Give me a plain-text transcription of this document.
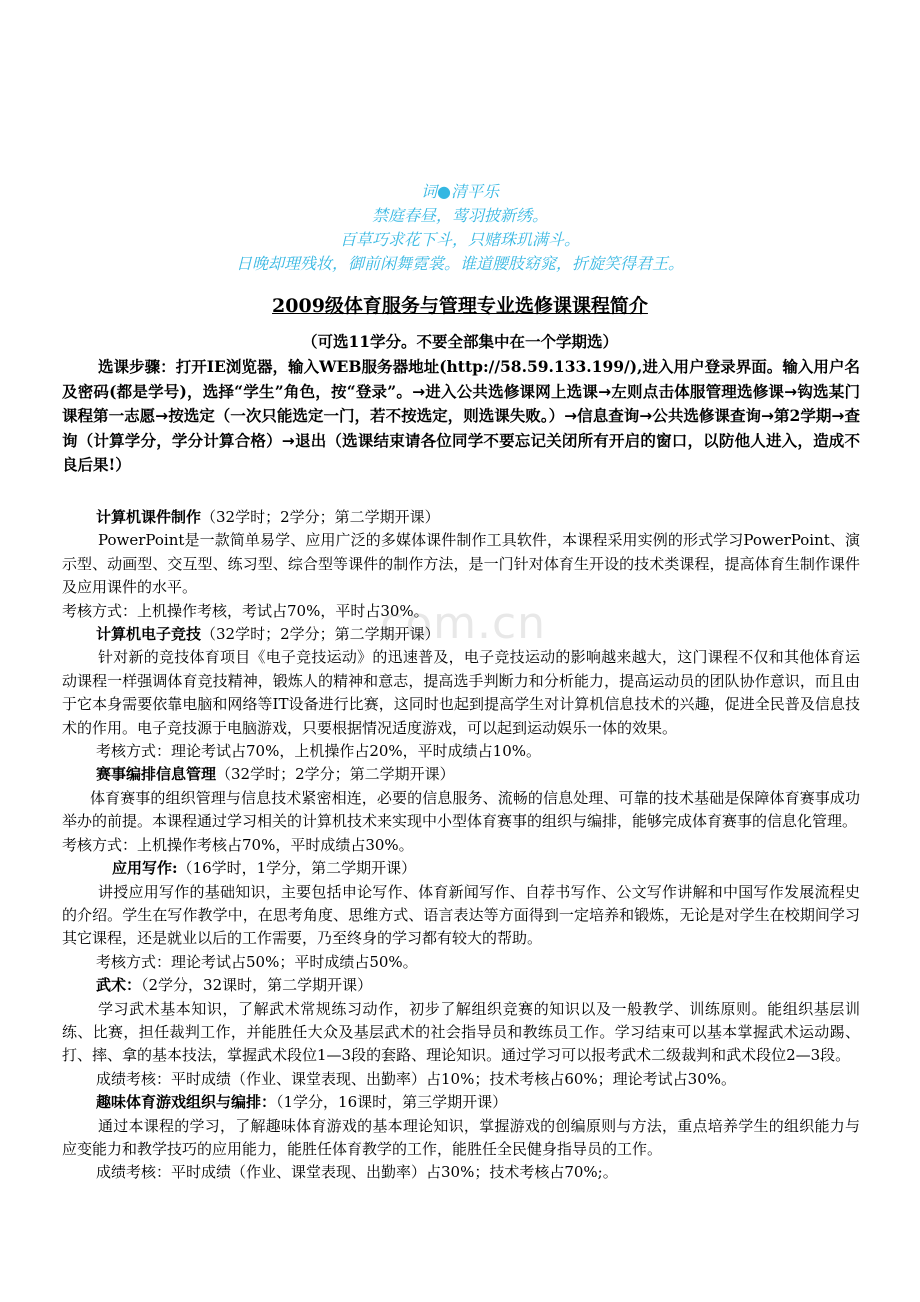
词●清平乐
禁庭春昼，莺羽披新绣。
百草巧求花下斗，只赌珠玑满斗。
日晚却理残妆，御前闲舞霓裳。谁道腰肢窈窕，折旋笑得君王。
2009级体育服务与管理专业选修课课程简介
（可选11学分。不要全部集中在一个学期选）
选课步骤：打开IE浏览器，输入WEB服务器地址(http://58.59.133.199/),进入用户登录界面。输入用户名及密码(都是学号)，选择“学生”角色，按“登录”。→进入公共选修课网上选课→左则点击体服管理选修课→钩选某门课程第一志愿→按选定（一次只能选定一门，若不按选定，则选课失败。）→信息查询→公共选修课查询→第2学期→查询（计算学分，学分计算合格）→退出（选课结束请各位同学不要忘记关闭所有开启的窗口，以防他人进入，造成不良后果!）
com.cn

计算机课件制作（32学时；2学分；第二学期开课）

PowerPoint是一款简单易学、应用广泛的多媒体课件制作工具软件，本课程采用实例的形式学习PowerPoint、演示型、动画型、交互型、练习型、综合型等课件的制作方法，是一门针对体育生开设的技术类课程，提高体育生制作课件及应用课件的水平。

考核方式：上机操作考核，考试占70%，平时占30%。

计算机电子竞技（32学时；2学分；第二学期开课）

针对新的竞技体育项目《电子竞技运动》的迅速普及，电子竞技运动的影响越来越大，这门课程不仅和其他体育运动课程一样强调体育竞技精神，锻炼人的精神和意志，提高选手判断力和分析能力，提高运动员的团队协作意识，而且由于它本身需要依靠电脑和网络等IT设备进行比赛，这同时也起到提高学生对计算机信息技术的兴趣，促进全民普及信息技术的作用。电子竞技源于电脑游戏，只要根据情况适度游戏，可以起到运动娱乐一体的效果。

考核方式：理论考试占70%，上机操作占20%，平时成绩占10%。

赛事编排信息管理（32学时；2学分；第二学期开课）

体育赛事的组织管理与信息技术紧密相连，必要的信息服务、流畅的信息处理、可靠的技术基础是保障体育赛事成功举办的前提。本课程通过学习相关的计算机技术来实现中小型体育赛事的组织与编排，能够完成体育赛事的信息化管理。

考核方式：上机操作考核占70%，平时成绩占30%。

应用写作:（16学时，1学分，第二学期开课）

讲授应用写作的基础知识，主要包括申论写作、体育新闻写作、自荐书写作、公文写作讲解和中国写作发展流程史的介绍。学生在写作教学中，在思考角度、思维方式、语言表达等方面得到一定培养和锻炼，无论是对学生在校期间学习其它课程，还是就业以后的工作需要，乃至终身的学习都有较大的帮助。

考核方式：理论考试占50%；平时成绩占50%。

武术：（2学分，32课时，第二学期开课）

学习武术基本知识，了解武术常规练习动作，初步了解组织竞赛的知识以及一般教学、训练原则。能组织基层训练、比赛，担任裁判工作，并能胜任大众及基层武术的社会指导员和教练员工作。学习结束可以基本掌握武术运动踢、打、摔、拿的基本技法，掌握武术段位1—3段的套路、理论知识。通过学习可以报考武术二级裁判和武术段位2—3段。

成绩考核：平时成绩（作业、课堂表现、出勤率）占10%；技术考核占60%；理论考试占30%。

趣味体育游戏组织与编排：（1学分，16课时，第三学期开课）

通过本课程的学习，了解趣味体育游戏的基本理论知识，掌握游戏的创编原则与方法，重点培养学生的组织能力与应变能力和教学技巧的应用能力，能胜任体育教学的工作，能胜任全民健身指导员的工作。

成绩考核：平时成绩（作业、课堂表现、出勤率）占30%；技术考核占70%;。
